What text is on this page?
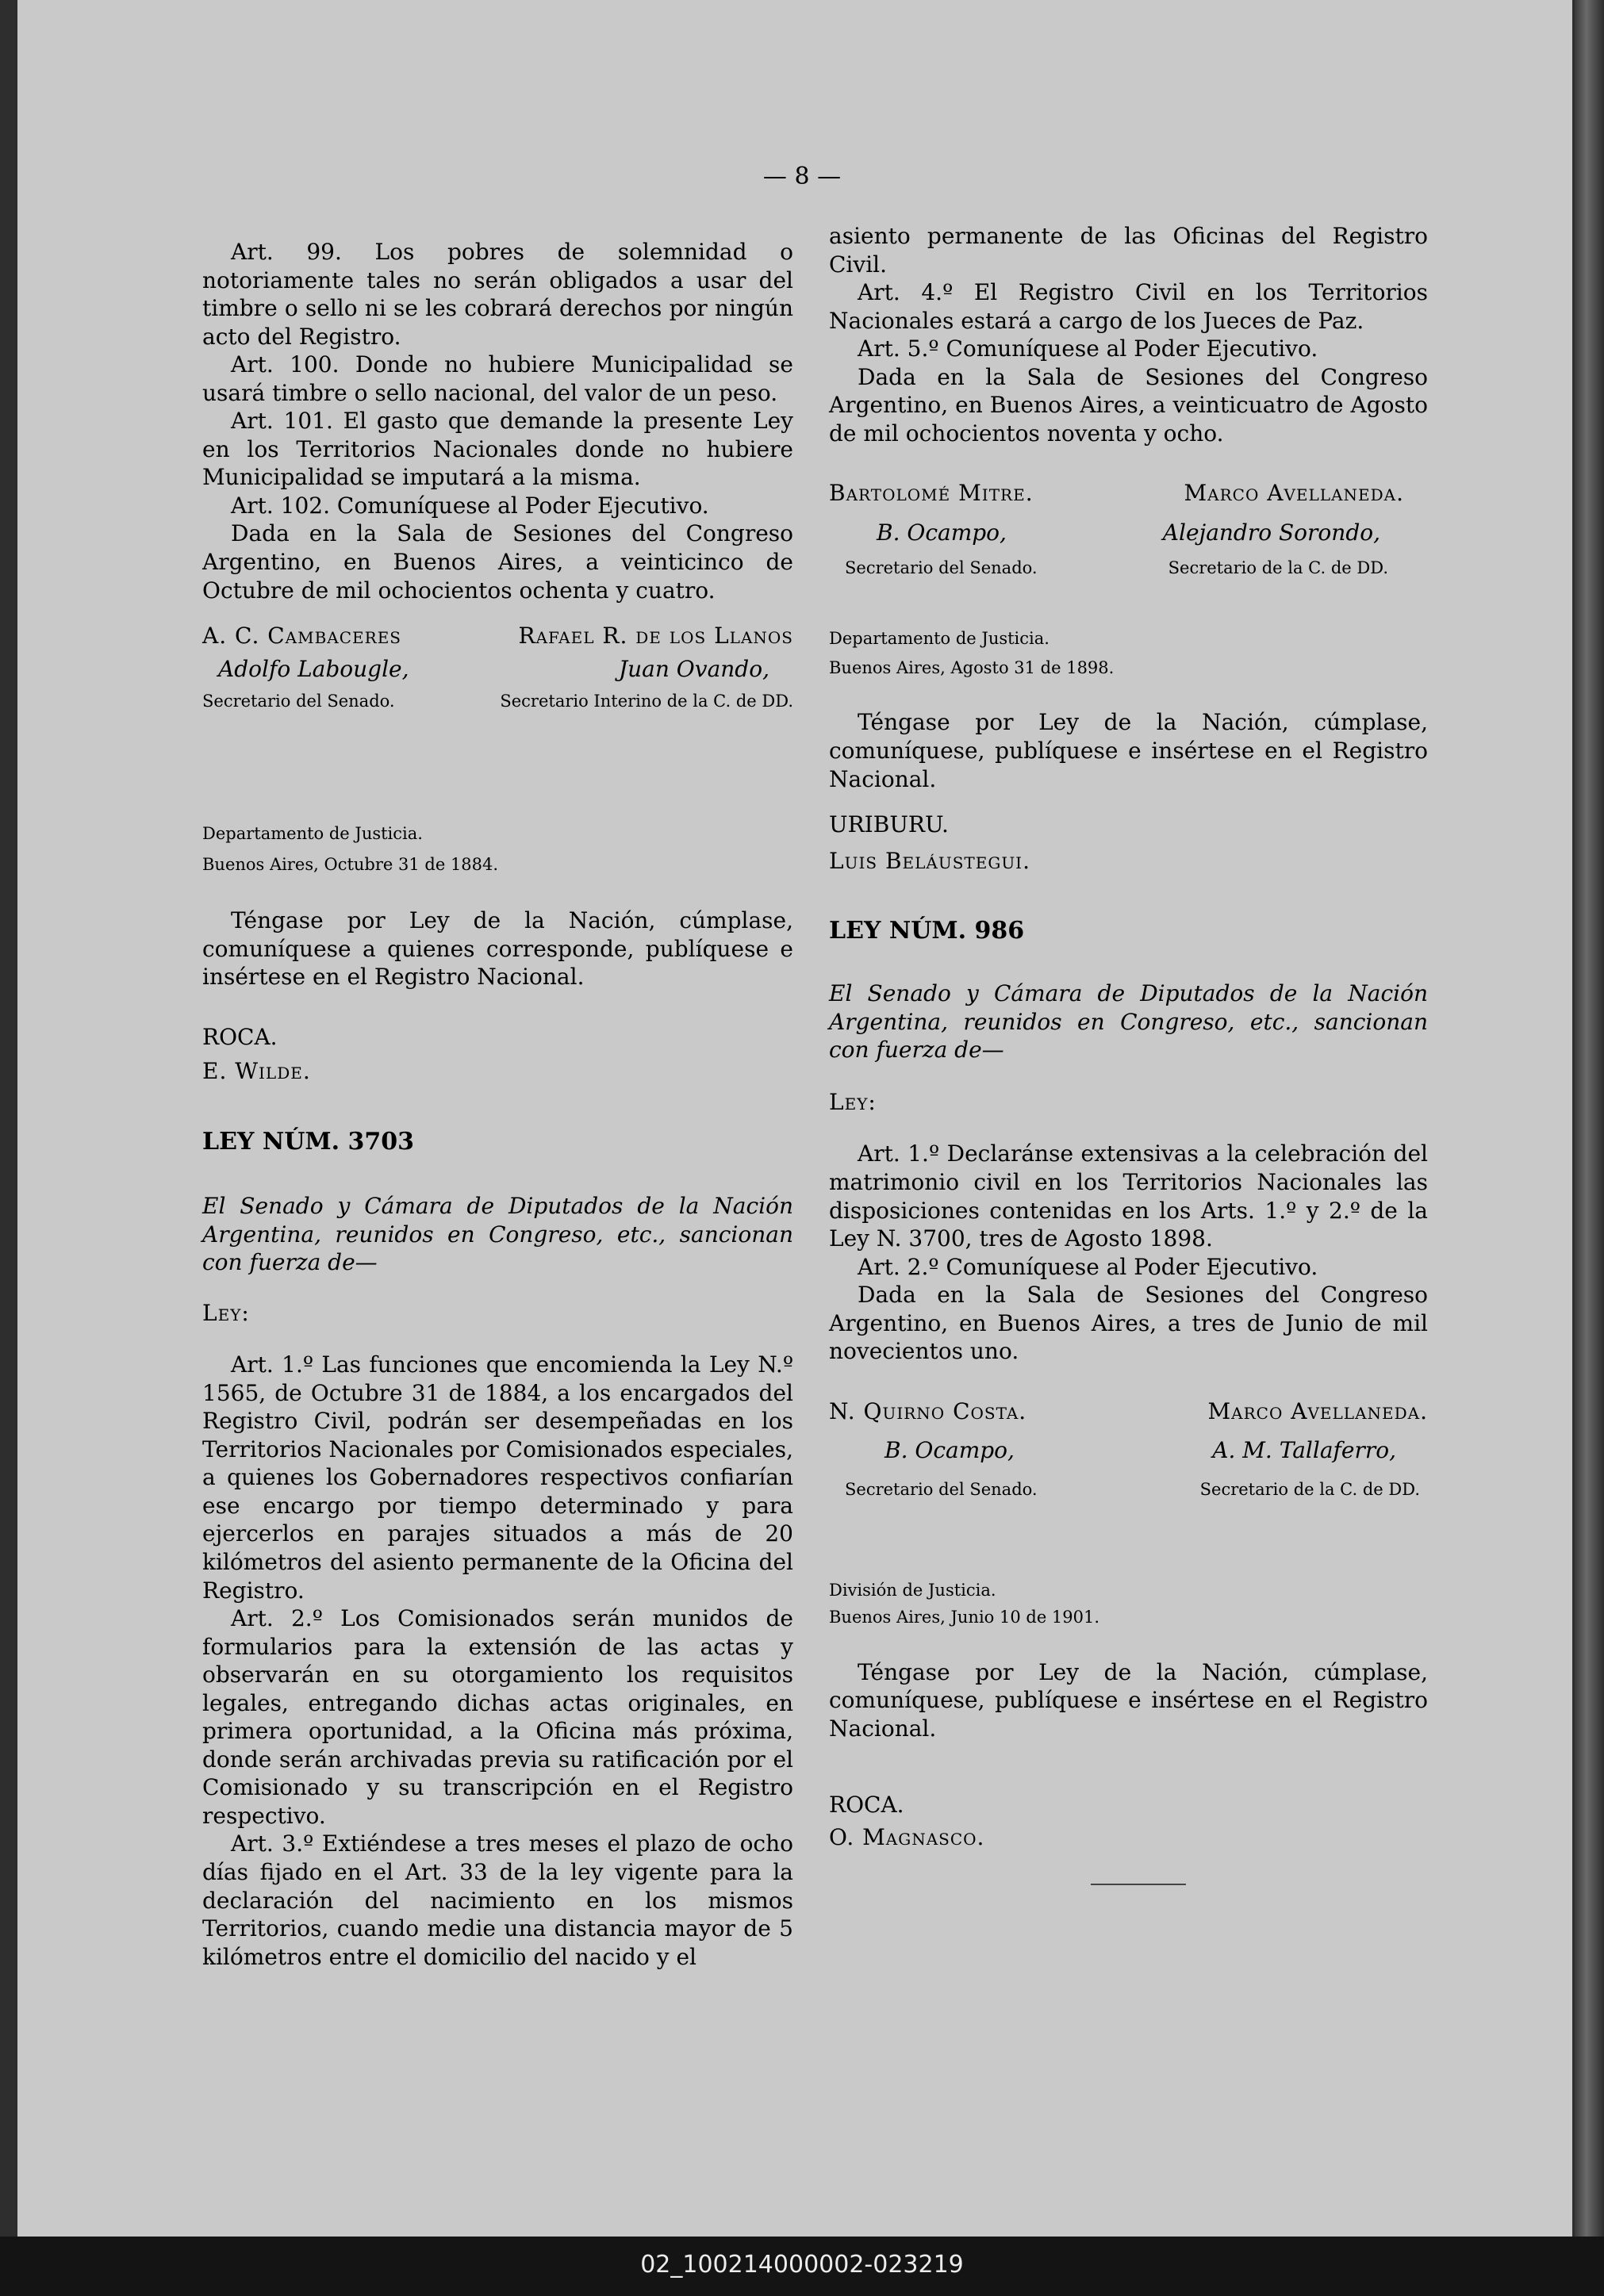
— 8 —

Art. 99. Los pobres de solemnidad o notoriamente tales no serán obligados a usar del timbre o sello ni se les cobrará derechos por ningún acto del Registro.

Art. 100. Donde no hubiere Municipalidad se usará timbre o sello nacional, del valor de un peso.

Art. 101. El gasto que demande la presente Ley en los Territorios Nacionales donde no hubiere Municipalidad se imputará a la misma.

Art. 102. Comuníquese al Poder Ejecutivo.

Dada en la Sala de Sesiones del Congreso Argentino, en Buenos Aires, a veinticinco de Octubre de mil ochocientos ochenta y cuatro.

A. C. Cambaceres	Rafael R. de los Llanos
Adolfo Labougle,	Juan Ovando,
Secretario del Senado.	Secretario Interino de la C. de DD.

Departamento de Justicia.

Buenos Aires, Octubre 31 de 1884.

Téngase por Ley de la Nación, cúmplase, comuníquese a quienes corresponde, publíquese e insértese en el Registro Nacional.

ROCA.

E. Wilde.

LEY NÚM. 3703

El Senado y Cámara de Diputados de la Nación Argentina, reunidos en Congreso, etc., sancionan con fuerza de—

Ley:

Art. 1.º Las funciones que encomienda la Ley N.º 1565, de Octubre 31 de 1884, a los encargados del Registro Civil, podrán ser desempeñadas en los Territorios Nacionales por Comisionados especiales, a quienes los Gobernadores respectivos confiarían ese encargo por tiempo determinado y para ejercerlos en parajes situados a más de 20 kilómetros del asiento permanente de la Oficina del Registro.

Art. 2.º Los Comisionados serán munidos de formularios para la extensión de las actas y observarán en su otorgamiento los requisitos legales, entregando dichas actas originales, en primera oportunidad, a la Oficina más próxima, donde serán archivadas previa su ratificación por el Comisionado y su transcripción en el Registro respectivo.

Art. 3.º Extiéndese a tres meses el plazo de ocho días fijado en el Art. 33 de la ley vigente para la declaración del nacimiento en los mismos Territorios, cuando medie una distancia mayor de 5 kilómetros entre el domicilio del nacido y el

asiento permanente de las Oficinas del Registro Civil.

Art. 4.º El Registro Civil en los Territorios Nacionales estará a cargo de los Jueces de Paz.

Art. 5.º Comuníquese al Poder Ejecutivo.

Dada en la Sala de Sesiones del Congreso Argentino, en Buenos Aires, a veinticuatro de Agosto de mil ochocientos noventa y ocho.

Bartolomé Mitre.	Marco Avellaneda.
B. Ocampo,	Alejandro Sorondo,
Secretario del Senado.	Secretario de la C. de DD.

Departamento de Justicia.

Buenos Aires, Agosto 31 de 1898.

Téngase por Ley de la Nación, cúmplase, comuníquese, publíquese e insértese en el Registro Nacional.

URIBURU.

Luis Beláustegui.

LEY NÚM. 986

El Senado y Cámara de Diputados de la Nación Argentina, reunidos en Congreso, etc., sancionan con fuerza de—

Ley:

Art. 1.º Declaránse extensivas a la celebración del matrimonio civil en los Territorios Nacionales las disposiciones contenidas en los Arts. 1.º y 2.º de la Ley N. 3700, tres de Agosto 1898.

Art. 2.º Comuníquese al Poder Ejecutivo.

Dada en la Sala de Sesiones del Congreso Argentino, en Buenos Aires, a tres de Junio de mil novecientos uno.

N. Quirno Costa.	Marco Avellaneda.
B. Ocampo,	A. M. Tallaferro,
Secretario del Senado.	Secretario de la C. de DD.

División de Justicia.

Buenos Aires, Junio 10 de 1901.

Téngase por Ley de la Nación, cúmplase, comuníquese, publíquese e insértese en el Registro Nacional.

ROCA.

O. Magnasco.

02_100214000002-023219
